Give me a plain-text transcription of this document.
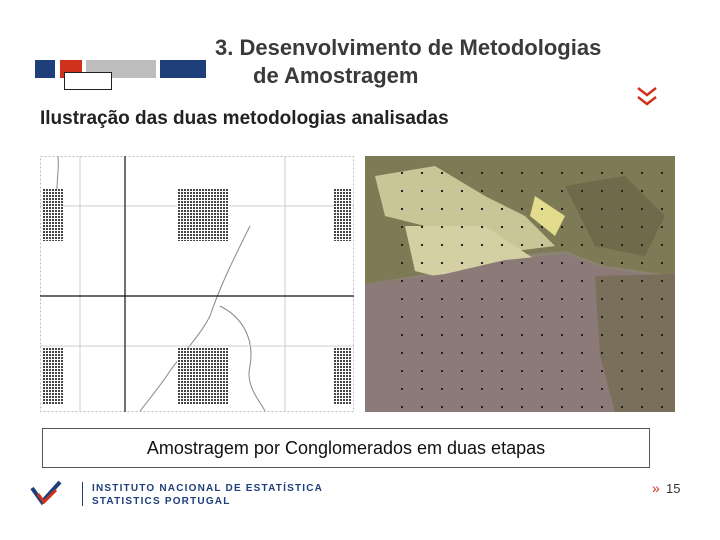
3. Desenvolvimento de Metodologias
de Amostragem
Ilustração das duas metodologias analisadas
Amostragem por Conglomerados em duas etapas
INSTITUTO NACIONAL DE ESTATÍSTICA
STATISTICS PORTUGAL
» 15
